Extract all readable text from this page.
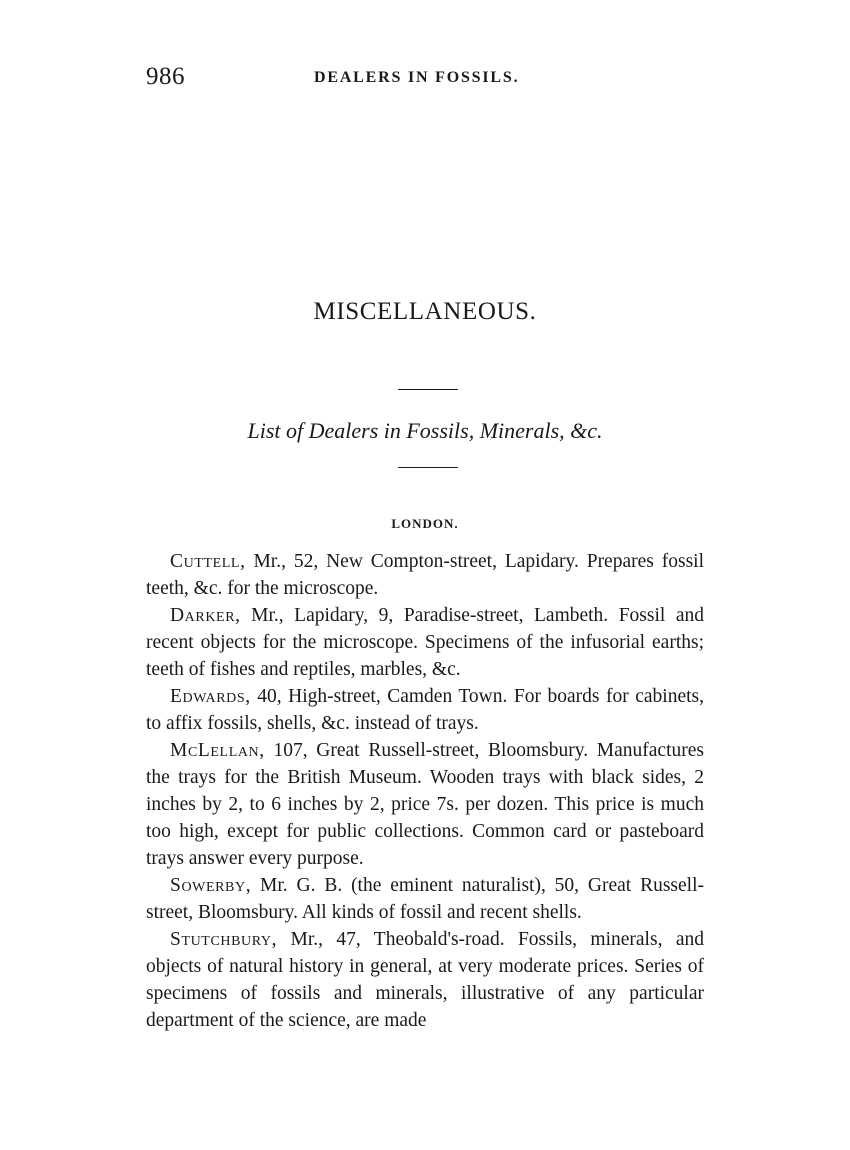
986	DEALERS IN FOSSILS.
MISCELLANEOUS.
List of Dealers in Fossils, Minerals, &c.
LONDON.

Cuttell, Mr., 52, New Compton-street, Lapidary. Prepares fossil teeth, &c. for the microscope.

Darker, Mr., Lapidary, 9, Paradise-street, Lambeth. Fossil and recent objects for the microscope. Specimens of the infusorial earths; teeth of fishes and reptiles, marbles, &c.

Edwards, 40, High-street, Camden Town. For boards for cabinets, to affix fossils, shells, &c. instead of trays.

McLellan, 107, Great Russell-street, Bloomsbury. Manufactures the trays for the British Museum. Wooden trays with black sides, 2 inches by 2, to 6 inches by 2, price 7s. per dozen. This price is much too high, except for public collections. Common card or pasteboard trays answer every purpose.

Sowerby, Mr. G. B. (the eminent naturalist), 50, Great Russell-street, Bloomsbury. All kinds of fossil and recent shells.

Stutchbury, Mr., 47, Theobald's-road. Fossils, minerals, and objects of natural history in general, at very moderate prices. Series of specimens of fossils and minerals, illustrative of any particular department of the science, are made
